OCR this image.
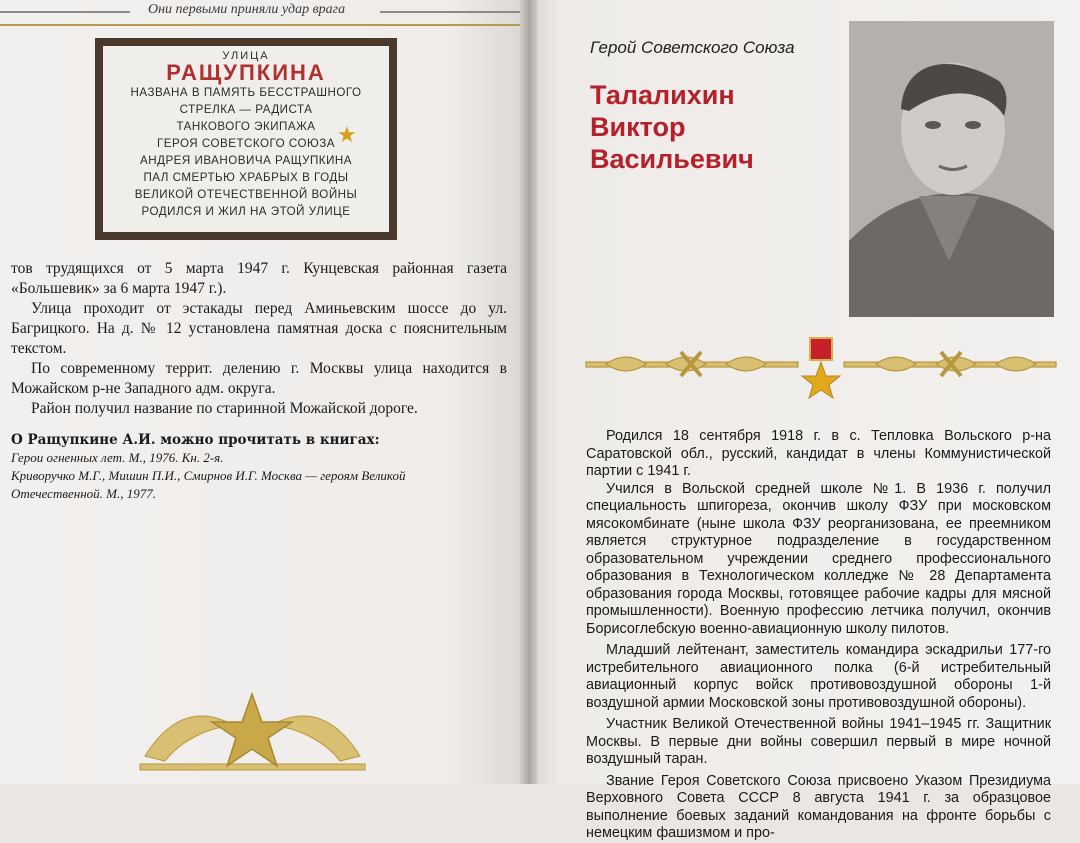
Они первыми приняли удар врага
УЛИЦА
РАЩУПКИНА
НАЗВАНА В ПАМЯТЬ БЕССТРАШНОГО
СТРЕЛКА — РАДИСТА
ТАНКОВОГО ЭКИПАЖА
ГЕРОЯ СОВЕТСКОГО СОЮЗА
АНДРЕЯ ИВАНОВИЧА РАЩУПКИНА
ПАЛ СМЕРТЬЮ ХРАБРЫХ В ГОДЫ
ВЕЛИКОЙ ОТЕЧЕСТВЕННОЙ ВОЙНЫ
РОДИЛСЯ И ЖИЛ НА ЭТОЙ УЛИЦЕ
★

тов трудящихся от 5 марта 1947 г. Кунцевская районная газета «Большевик» за 6 марта 1947 г.).

Улица проходит от эстакады перед Аминьевским шоссе до ул. Багрицкого. На д. № 12 установлена памятная доска с пояснительным текстом.

По современному террит. делению г. Москвы улица находится в Можайском р-не Западного адм. округа.

Район получил название по старинной Можайской дороге.

О Ращупкине А.И. можно прочитать в книгах:
Герои огненных лет. М., 1976. Кн. 2-я.
Криворучко М.Г., Мишин П.И., Смирнов И.Г. Москва — героям Великой Отечественной. М., 1977.
Герой Советского Союза
Талалихин
Виктор
Васильевич

Родился 18 сентября 1918 г. в с. Тепловка Вольского р-на Саратовской обл., русский, кандидат в члены Коммунистической партии с 1941 г.

Учился в Вольской средней школе №1. В 1936 г. получил специальность шпигореза, окончив школу ФЗУ при московском мясокомбинате (ныне школа ФЗУ реорганизована, ее преемником является структурное подразделение в государственном образовательном учреждении среднего профессионального образования в Технологическом колледже № 28 Департамента образования города Москвы, готовящее рабочие кадры для мясной промышленности). Военную профессию летчика получил, окончив Борисоглебскую военно-авиационную школу пилотов.

Младший лейтенант, заместитель командира эскадрильи 177-го истребительного авиационного полка (6-й истребительный авиационный корпус войск противовоздушной обороны 1-й воздушной армии Московской зоны противовоздушной обороны).

Участник Великой Отечественной войны 1941–1945 гг. Защитник Москвы. В первые дни войны совершил первый в мире ночной воздушный таран.

Звание Героя Советского Союза присвоено Указом Президиума Верховного Совета СССР 8 августа 1941 г. за образцовое выполнение боевых заданий командования на фронте борьбы с немецким фашизмом и про-
